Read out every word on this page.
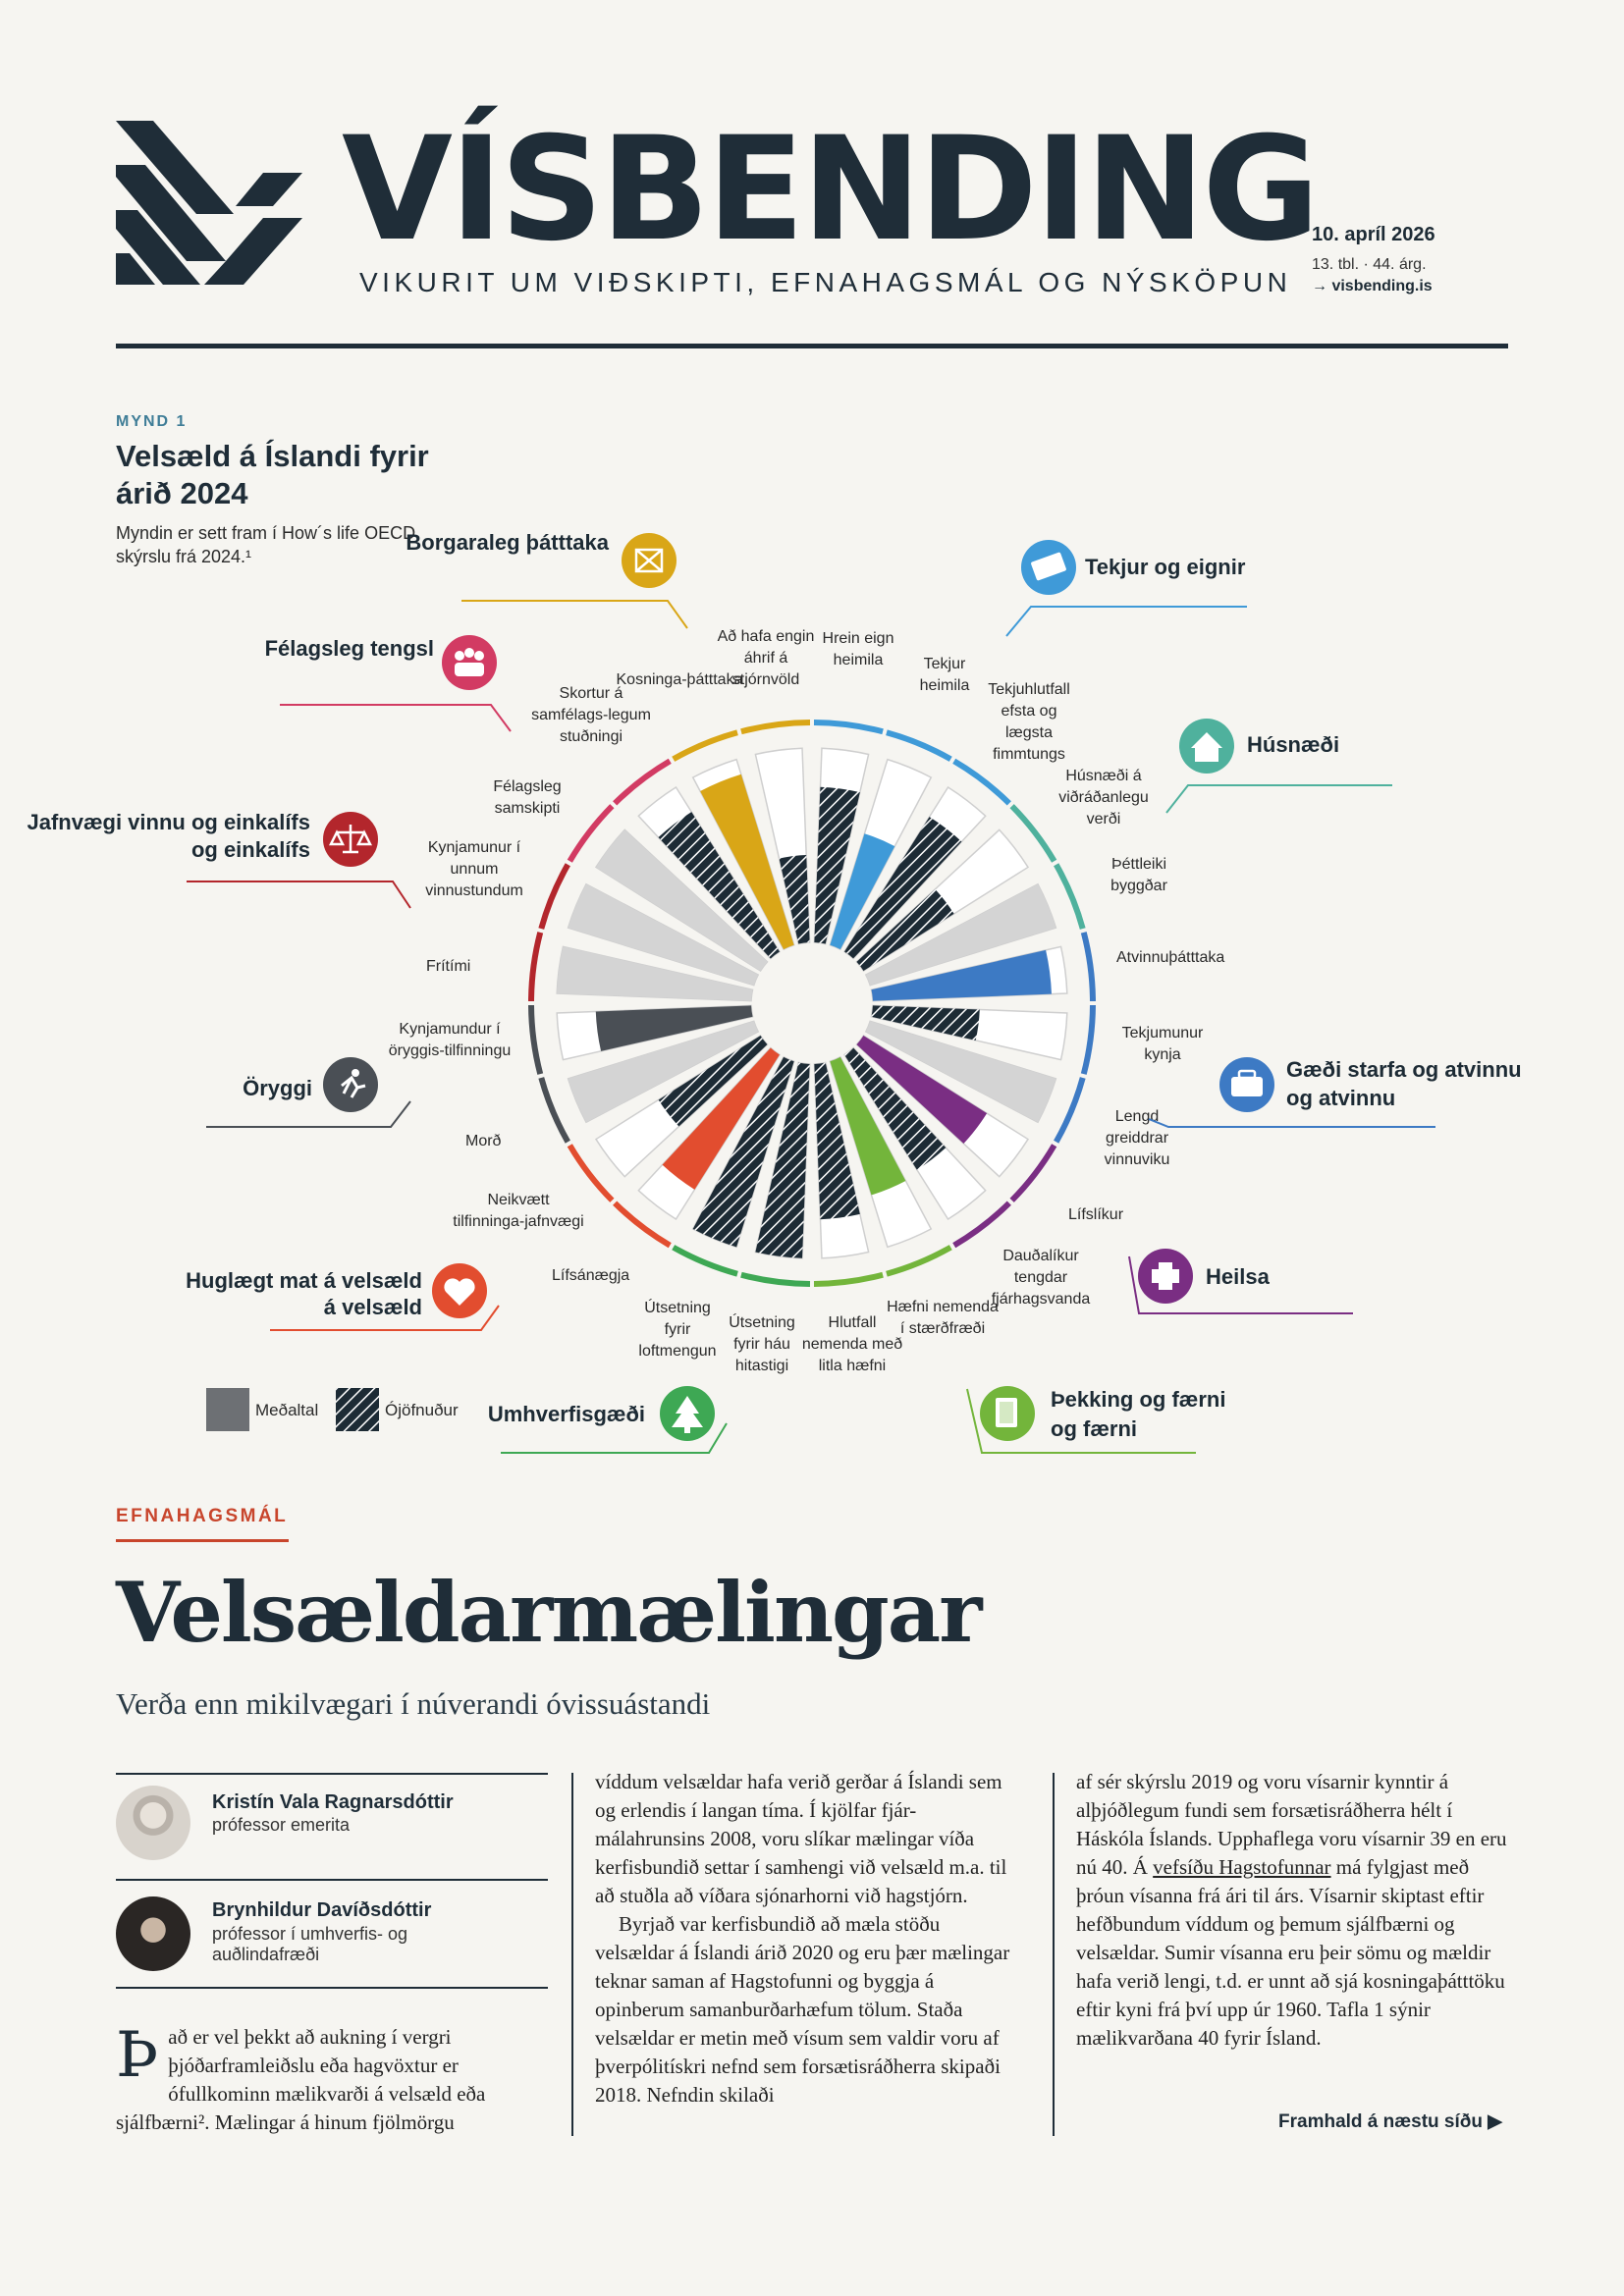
VÍSBENDING
VIKURIT UM VIÐSKIPTI, EFNAHAGSMÁL OG NÝSKÖPUN
10. apríl 2026
13. tbl. · 44. árg.
→ visbending.is
MYND 1
Velsæld á Íslandi fyrir árið 2024
Myndin er sett fram í How´s life OECD skýrslu frá 2024.¹
Hrein eign heimila	Tekjur heimila Tekjuhlutfall efsta og lægsta fimmtungs
Húsnæði á viðráðanlegu verði
Þéttleiki byggðar
Atvinnuþátttaka
Tekjumunur kynja
Lengd greiddrar vinnuviku
Lífslíkur
Dauðalíkur tengdar fjárhagsvanda
Hæfni nemenda í stærðfræði
Hlutfall nemenda með litla hæfni
Útsetning fyrir háu hitastigi
Útsetning fyrir loftmengun
Lífsánægja
Neikvætt tilfinninga-jafnvægi
Morð
Kynjamundur í öryggis-tilfinningu
Frítími
Kynjamunur í unnum vinnustundum
Félagsleg samskipti
Skortur á samfélags-legum stuðningi
Kosninga-þátttaka
Að hafa engin áhrif á stjórnvöld
Borgaraleg þátttaka
Tekjur og eignir
Félagsleg tengsl
Húsnæði
Jafnvægi vinnu og einkalífs
og einkalífs
Gæði starfa og atvinnu
og atvinnu
Öryggi
Heilsa
Huglægt mat á velsæld
á velsæld
Þekking og færni
og færni
Umhverfisgæði
Meðaltal	Ójöfnuður
EFNAHAGSMÁL
Velsældarmælingar
Verða enn mikilvægari í núverandi óvissuástandi
Kristín Vala Ragnarsdóttir
prófessor emerita
Brynhildur Davíðsdóttir
prófessor í umhverfis- og auðlindafræði
Það er vel þekkt að aukning í vergri þjóðarframleiðslu eða hagvöxtur er ófullkominn mælikvarði á velsæld eða sjálfbærni². Mælingar á hinum fjölmörgu

víddum velsældar hafa verið gerðar á Íslandi sem og erlendis í langan tíma. Í kjölfar fjár-málahrunsins 2008, voru slíkar mælingar víða kerfisbundið settar í samhengi við velsæld m.a. til að stuðla að víðara sjónarhorni við hagstjórn.

Byrjað var kerfisbundið að mæla stöðu velsældar á Íslandi árið 2020 og eru þær mælingar teknar saman af Hagstofunni og byggja á opinberum samanburðarhæfum tölum. Staða velsældar er metin með vísum sem valdir voru af þverpólitískri nefnd sem forsætisráðherra skipaði 2018. Nefndin skilaði

af sér skýrslu 2019 og voru vísarnir kynntir á alþjóðlegum fundi sem forsætisráðherra hélt í Háskóla Íslands. Upphaflega voru vísarnir 39 en eru nú 40. Á vefsíðu Hagstofunnar má fylgjast með þróun vísanna frá ári til árs. Vísarnir skiptast eftir hefðbundum víddum og þemum sjálfbærni og velsældar. Sumir vísanna eru þeir sömu og mældir hafa verið lengi, t.d. er unnt að sjá kosningaþátttöku eftir kyni frá því upp úr 1960. Tafla 1 sýnir mælikvarðana 40 fyrir Ísland.

Framhald á næstu síðu ▶
